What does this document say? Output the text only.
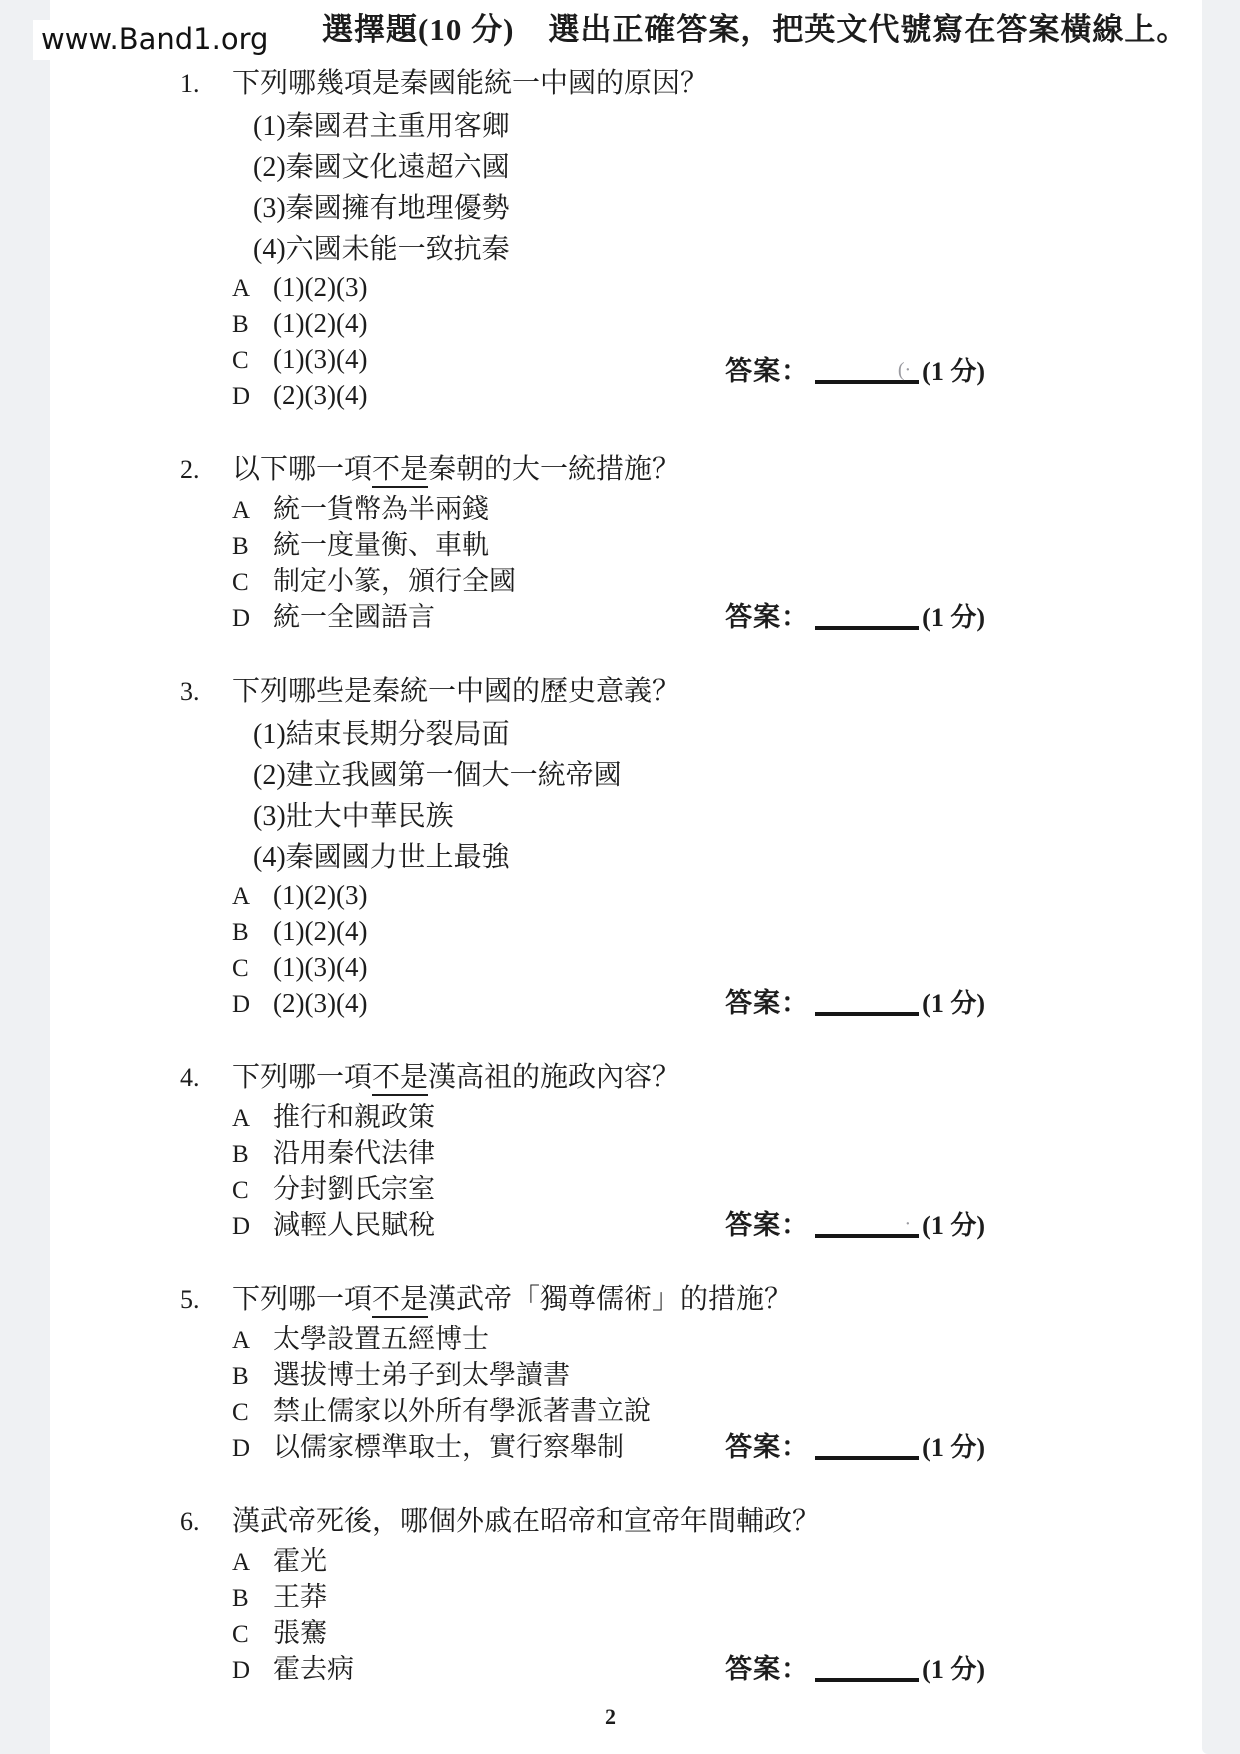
選擇題(10 分) 選出正確答案，把英文代號寫在答案橫線上。
www.Band1.org
1. 下列哪幾項是秦國能統一中國的原因？
(1)秦國君主重用客卿
(2)秦國文化遠超六國
(3)秦國擁有地理優勢
(4)六國未能一致抗秦
A (1)(2)(3)
B (1)(2)(4)
C (1)(3)(4)
D (2)(3)(4)
答案：	(· (1 分)
2. 以下哪一項不是秦朝的大一統措施？
A 統一貨幣為半兩錢
B 統一度量衡、車軌
C 制定小篆，頒行全國
D 統一全國語言	答案：	(1 分)
3. 下列哪些是秦統一中國的歷史意義？
(1)結束長期分裂局面
(2)建立我國第一個大一統帝國
(3)壯大中華民族
(4)秦國國力世上最強
A (1)(2)(3)
B (1)(2)(4)
C (1)(3)(4)
D (2)(3)(4)	答案：	(1 分)
4. 下列哪一項不是漢高祖的施政內容？
A 推行和親政策
B 沿用秦代法律
C 分封劉氏宗室
D 減輕人民賦稅	答案：	· (1 分)
5. 下列哪一項不是漢武帝「獨尊儒術」的措施？
A 太學設置五經博士
B 選拔博士弟子到太學讀書
C 禁止儒家以外所有學派著書立說
D 以儒家標準取士，實行察舉制	答案：	(1 分)
6. 漢武帝死後，哪個外戚在昭帝和宣帝年間輔政？
A 霍光
B 王莽
C 張騫
D 霍去病	答案：	(1 分)
2
